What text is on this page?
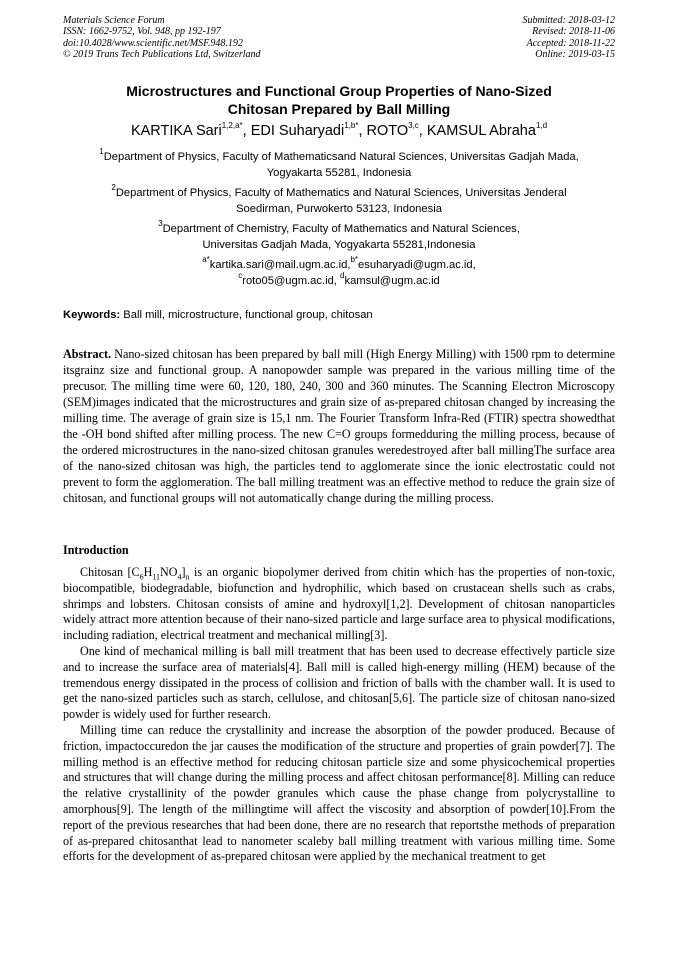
Materials Science Forum
ISSN: 1662-9752, Vol. 948, pp 192-197
doi:10.4028/www.scientific.net/MSF.948.192
© 2019 Trans Tech Publications Ltd, Switzerland
Submitted: 2018-03-12
Revised: 2018-11-06
Accepted: 2018-11-22
Online: 2019-03-15
Microstructures and Functional Group Properties of Nano-Sized
Chitosan Prepared by Ball Milling
KARTIKA Sari$^{1,2,a*}$, EDI Suharyadi$^{1,b*}$, ROTO$^{3,c}$, KAMSUL Abraha$^{1,d}$
$^1$Department of Physics, Faculty of Mathematicsand Natural Sciences, Universitas Gadjah Mada,
Yogyakarta 55281, Indonesia
$^2$Department of Physics, Faculty of Mathematics and Natural Sciences, Universitas Jenderal
Soedirman, Purwokerto 53123, Indonesia
$^3$Department of Chemistry, Faculty of Mathematics and Natural Sciences,
Universitas Gadjah Mada, Yogyakarta 55281,Indonesia
$^{a*}$kartika.sari@mail.ugm.ac.id,$^{b*}$esuharyadi@ugm.ac.id,
$^c$roto05@ugm.ac.id, $^d$kamsul@ugm.ac.id
Keywords: Ball mill, microstructure, functional group, chitosan
Abstract. Nano-sized chitosan has been prepared by ball mill (High Energy Milling) with 1500 rpm to determine itsgrainz size and functional group. A nanopowder sample was prepared in the various milling time of the precusor. The milling time were 60, 120, 180, 240, 300 and 360 minutes. The Scanning Electron Microscopy (SEM)images indicated that the microstructures and grain size of as-prepared chitosan changed by increasing the milling time. The average of grain size is 15,1 nm. The Fourier Transform Infra-Red (FTIR) spectra showedthat the -OH bond shifted after milling process. The new C=O groups formedduring the milling process, because of the ordered microstructures in the nano-sized chitosan granules weredestroyed after ball millingThe surface area of the nano-sized chitosan was high, the particles tend to agglomerate since the ionic electrostatic could not prevent to form the agglomeration. The ball milling treatment was an effective method to reduce the grain size of chitosan, and functional groups will not automatically change during the milling process.
Introduction

Chitosan $[C_6H_{11}NO_4]_n$ is an organic biopolymer derived from chitin which has the properties of non-toxic, biocompatible, biodegradable, biofunction and hydrophilic, which based on crustacean shells such as crabs, shrimps and lobsters. Chitosan consists of amine and hydroxyl[1,2]. Development of chitosan nanoparticles widely attract more attention because of their nano-sized particle and large surface area to physical modifications, including radiation, electrical treatment and mechanical milling[3].

One kind of mechanical milling is ball mill treatment that has been used to decrease effectively particle size and to increase the surface area of materials[4]. Ball mill is called high-energy milling (HEM) because of the tremendous energy dissipated in the process of collision and friction of balls with the chamber wall. It is used to get the nano-sized particles such as starch, cellulose, and chitosan[5,6]. The particle size of chitosan nano-sized powder is widely used for further research.

Milling time can reduce the crystallinity and increase the absorption of the powder produced. Because of friction, impactoccuredon the jar causes the modification of the structure and properties of grain powder[7]. The milling method is an effective method for reducing chitosan particle size and some physicochemical properties and structures that will change during the milling process and affect chitosan performance[8]. Milling can reduce the relative crystallinity of the powder granules which cause the phase change from polycrystalline to amorphous[9]. The length of the millingtime will affect the viscosity and absorption of powder[10].From the report of the previous researches that had been done, there are no research that reportsthe methods of preparation of as-prepared chitosanthat lead to nanometer scaleby ball milling treatment with various milling time. Some efforts for the development of as-prepared chitosan were applied by the mechanical treatment to get
